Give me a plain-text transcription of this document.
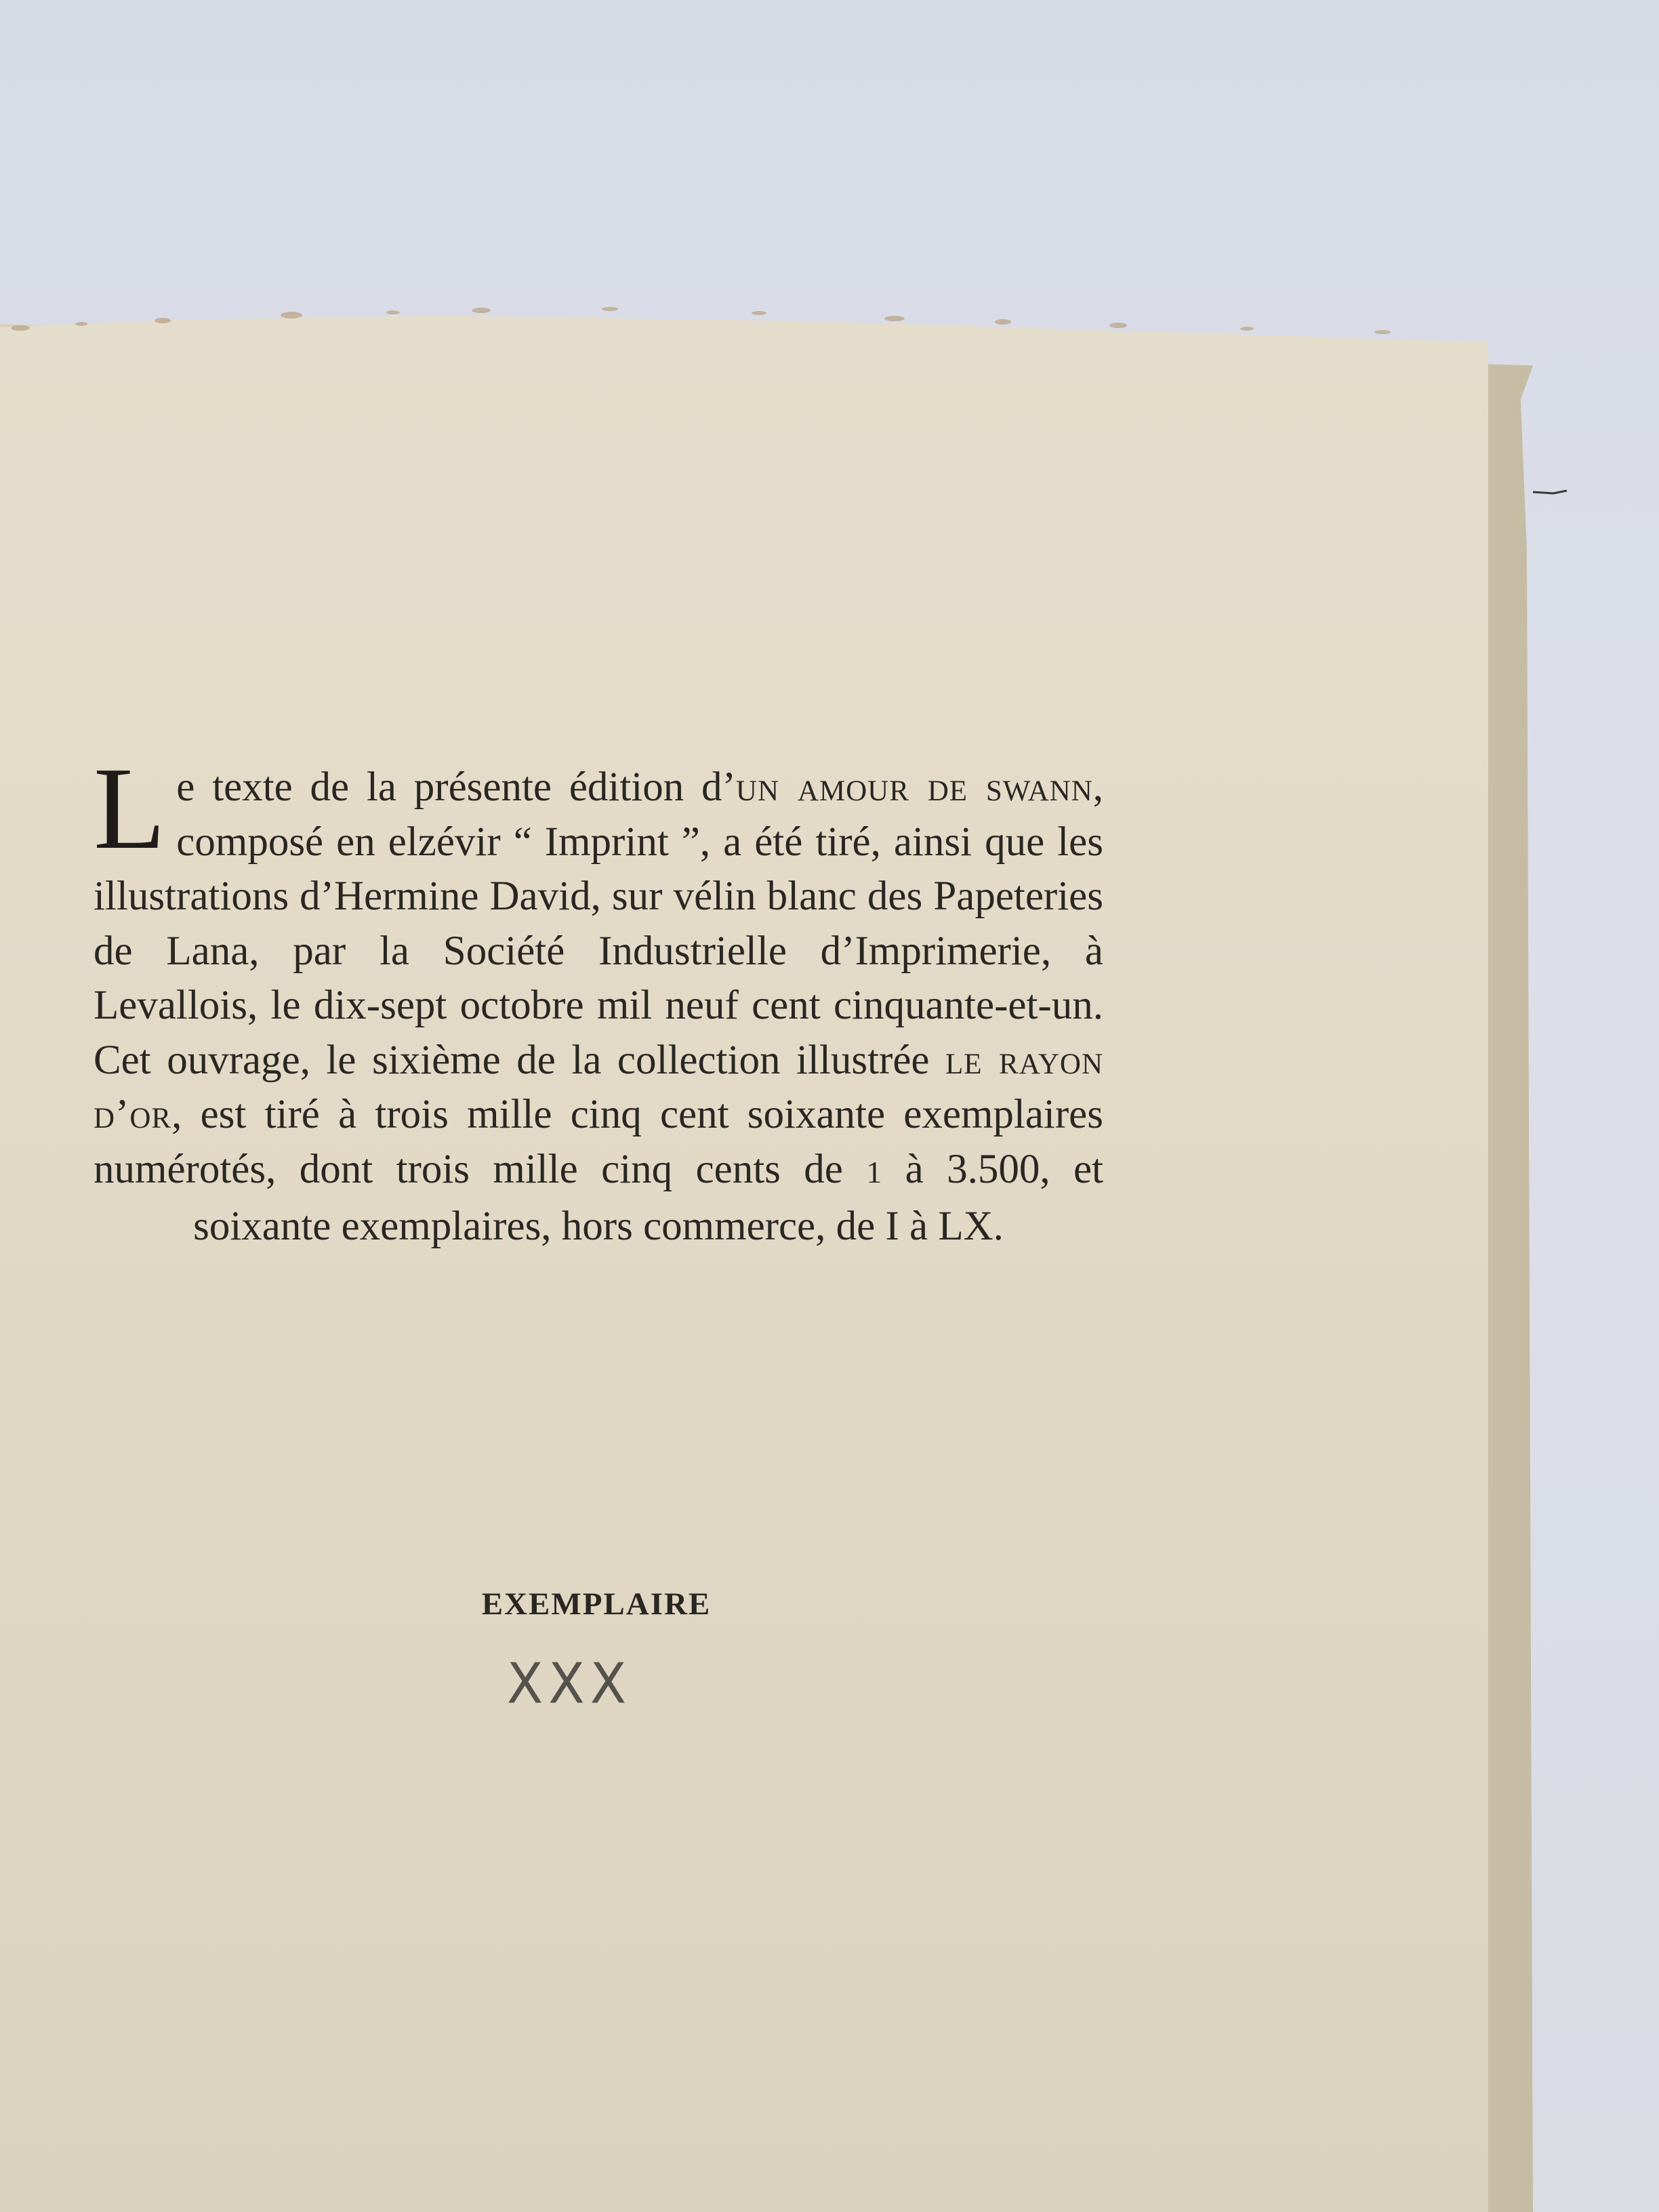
Le texte de la présente édition d’un amour de swann, composé en elzévir “ Imprint ”, a été tiré, ainsi que les illustrations d’Hermine David, sur vélin blanc des Papeteries de Lana, par la Société Industrielle d’Imprimerie, à Levallois, le dix-sept octobre mil neuf cent cinquante-et-un. Cet ouvrage, le sixième de la collection illustrée le rayon d’or, est tiré à trois mille cinq cent soixante exemplaires numérotés, dont trois mille cinq cents de 1 à 3.500, et soixante exemplaires, hors commerce, de I à LX.
EXEMPLAIRE
XXX
